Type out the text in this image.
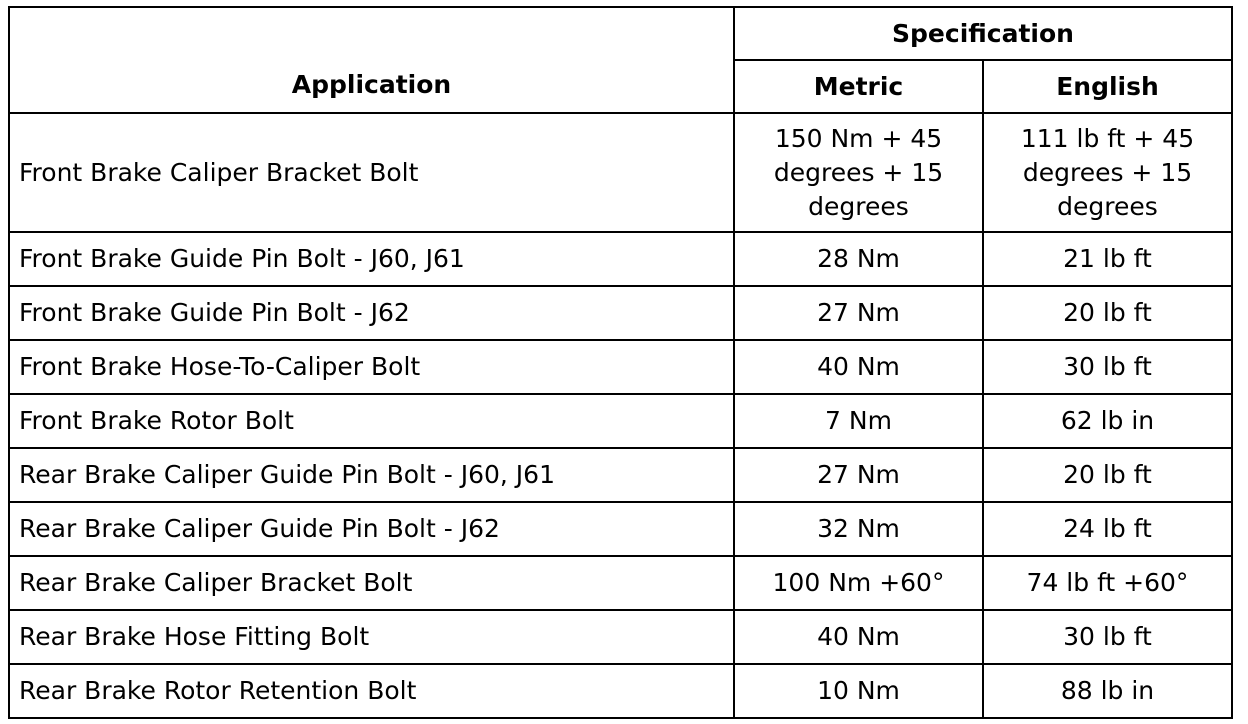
Application	Specification	
	Metric	English
Front Brake Caliper Bracket Bolt	150 Nm + 45 degrees + 15 degrees	111 lb ft + 45 degrees + 15 degrees

Front Brake Guide Pin Bolt - J60, J61	28 Nm	21 lb ft
Front Brake Guide Pin Bolt - J62	27 Nm	20 lb ft
Front Brake Hose-To-Caliper Bolt	40 Nm	30 lb ft
Front Brake Rotor Bolt	7 Nm	62 lb in
Rear Brake Caliper Guide Pin Bolt - J60, J61	27 Nm	20 lb ft
Rear Brake Caliper Guide Pin Bolt - J62	32 Nm	24 lb ft
Rear Brake Caliper Bracket Bolt	100 Nm +60°	74 lb ft +60°
Rear Brake Hose Fitting Bolt	40 Nm	30 lb ft
Rear Brake Rotor Retention Bolt	10 Nm	88 lb in
